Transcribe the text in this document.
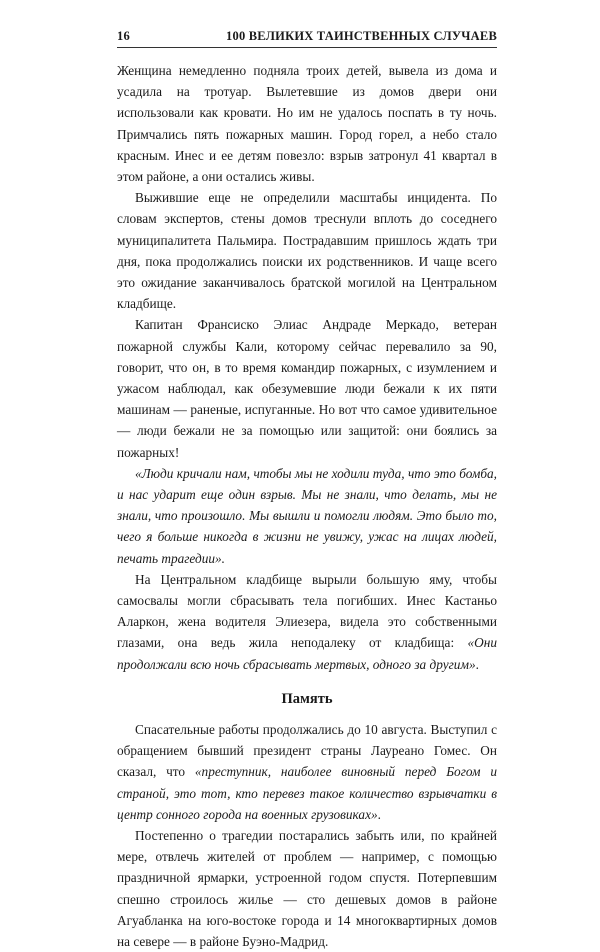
16	100 ВЕЛИКИХ ТАИНСТВЕННЫХ СЛУЧАЕВ

Женщина немедленно подняла троих детей, вывела из дома и усадила на тротуар. Вылетевшие из домов двери они использовали как кровати. Но им не удалось поспать в ту ночь. Примчались пять пожарных машин. Город горел, а небо стало красным. Инес и ее детям повезло: взрыв затронул 41 квартал в этом районе, а они остались живы.

Выжившие еще не определили масштабы инцидента. По словам экспертов, стены домов треснули вплоть до соседнего муниципалитета Пальмира. Пострадавшим пришлось ждать три дня, пока продолжались поиски их родственников. И чаще всего это ожидание заканчивалось братской могилой на Центральном кладбище.

Капитан Франсиско Элиас Андраде Меркадо, ветеран пожарной службы Кали, которому сейчас перевалило за 90, говорит, что он, в то время командир пожарных, с изумлением и ужасом наблюдал, как обезумевшие люди бежали к их пяти машинам — раненые, испуганные. Но вот что самое удивительное — люди бежали не за помощью или защитой: они боялись за пожарных!

«Люди кричали нам, чтобы мы не ходили туда, что это бомба, и нас ударит еще один взрыв. Мы не знали, что делать, мы не знали, что произошло. Мы вышли и помогли людям. Это было то, чего я больше никогда в жизни не увижу, ужас на лицах людей, печать трагедии».

На Центральном кладбище вырыли большую яму, чтобы самосвалы могли сбрасывать тела погибших. Инес Кастаньо Аларкон, жена водителя Элиезера, видела это собственными глазами, она ведь жила неподалеку от кладбища: «Они продолжали всю ночь сбрасывать мертвых, одного за другим».

Память

Спасательные работы продолжались до 10 августа. Выступил с обращением бывший президент страны Лауреано Гомес. Он сказал, что «преступник, наиболее виновный перед Богом и страной, это тот, кто перевез такое количество взрывчатки в центр сонного города на военных грузовиках».

Постепенно о трагедии постарались забыть или, по крайней мере, отвлечь жителей от проблем — например, с помощью праздничной ярмарки, устроенной годом спустя. Потерпевшим спешно строилось жилье — сто дешевых домов в районе Агуабланка на юго-востоке города и 14 многоквартирных домов на севере — в районе Буэно-Мадрид.
